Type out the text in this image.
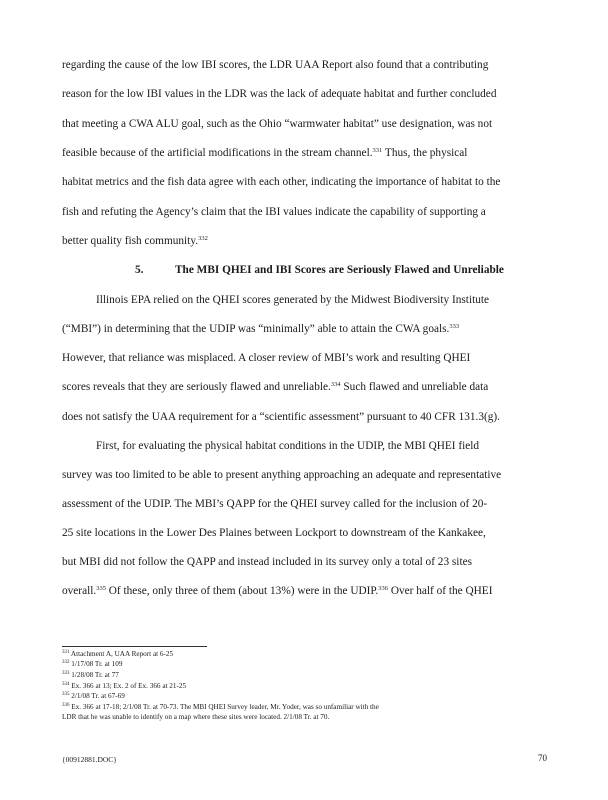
regarding the cause of the low IBI scores, the LDR UAA Report also found that a contributing
reason for the low IBI values in the LDR was the lack of adequate habitat and further concluded
that meeting a CWA ALU goal, such as the Ohio “warmwater habitat” use designation, was not
feasible because of the artificial modifications in the stream channel.$^{331}$ Thus, the physical
habitat metrics and the fish data agree with each other, indicating the importance of habitat to the
fish and refuting the Agency’s claim that the IBI values indicate the capability of supporting a
better quality fish community.$^{332}$
5.	The MBI QHEI and IBI Scores are Seriously Flawed and Unreliable
Illinois EPA relied on the QHEI scores generated by the Midwest Biodiversity Institute
(“MBI”) in determining that the UDIP was “minimally” able to attain the CWA goals.$^{333}$
However, that reliance was misplaced. A closer review of MBI’s work and resulting QHEI
scores reveals that they are seriously flawed and unreliable.$^{334}$ Such flawed and unreliable data
does not satisfy the UAA requirement for a “scientific assessment” pursuant to 40 CFR 131.3(g).
First, for evaluating the physical habitat conditions in the UDIP, the MBI QHEI field
survey was too limited to be able to present anything approaching an adequate and representative
assessment of the UDIP. The MBI’s QAPP for the QHEI survey called for the inclusion of 20-
25 site locations in the Lower Des Plaines between Lockport to downstream of the Kankakee,
but MBI did not follow the QAPP and instead included in its survey only a total of 23 sites
overall.$^{335}$ Of these, only three of them (about 13%) were in the UDIP.$^{336}$ Over half of the QHEI
$^{331}$ Attachment A, UAA Report at 6-25
$^{332}$ 1/17/08 Tr. at 109
$^{333}$ 1/28/08 Tr. at 77
$^{334}$ Ex. 366 at 13; Ex. 2 of Ex. 366 at 21-25
$^{335}$ 2/1/08 Tr. at 67-69
$^{336}$ Ex. 366 at 17-18; 2/1/08 Tr. at 70-73. The MBI QHEI Survey leader, Mr. Yoder, was so unfamiliar with the
LDR that he was unable to identify on a map where these sites were located. 2/1/08 Tr. at 70.
{00912881.DOC}	70
